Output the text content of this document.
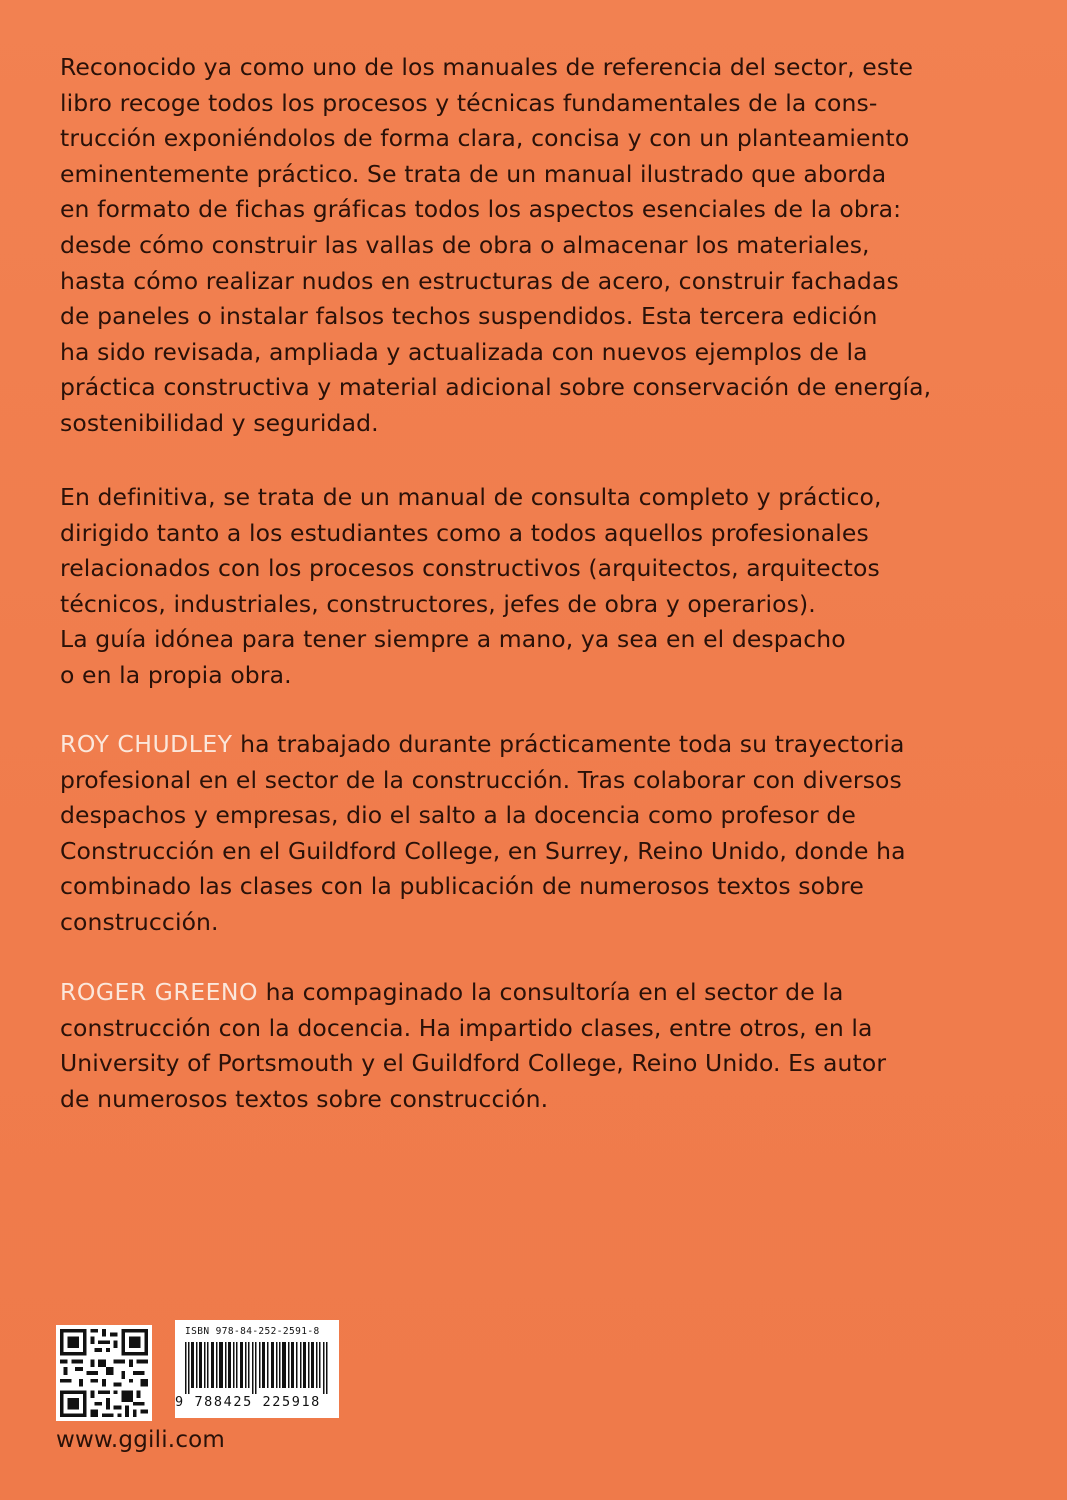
Reconocido ya como uno de los manuales de referencia del sector, este
libro recoge todos los procesos y técnicas fundamentales de la cons-
trucción exponiéndolos de forma clara, concisa y con un planteamiento
eminentemente práctico. Se trata de un manual ilustrado que aborda
en formato de fichas gráficas todos los aspectos esenciales de la obra:
desde cómo construir las vallas de obra o almacenar los materiales,
hasta cómo realizar nudos en estructuras de acero, construir fachadas
de paneles o instalar falsos techos suspendidos. Esta tercera edición
ha sido revisada, ampliada y actualizada con nuevos ejemplos de la
práctica constructiva y material adicional sobre conservación de energía,
sostenibilidad y seguridad.
En definitiva, se trata de un manual de consulta completo y práctico,
dirigido tanto a los estudiantes como a todos aquellos profesionales
relacionados con los procesos constructivos (arquitectos, arquitectos
técnicos, industriales, constructores, jefes de obra y operarios).
La guía idónea para tener siempre a mano, ya sea en el despacho
o en la propia obra.
ROY CHUDLEY ha trabajado durante prácticamente toda su trayectoria
profesional en el sector de la construcción. Tras colaborar con diversos
despachos y empresas, dio el salto a la docencia como profesor de
Construcción en el Guildford College, en Surrey, Reino Unido, donde ha
combinado las clases con la publicación de numerosos textos sobre
construcción.
ROGER GREENO ha compaginado la consultoría en el sector de la
construcción con la docencia. Ha impartido clases, entre otros, en la
University of Portsmouth y el Guildford College, Reino Unido. Es autor
de numerosos textos sobre construcción.
ISBN 978-84-252-2591-8
9 788425 225918
www.ggili.com
